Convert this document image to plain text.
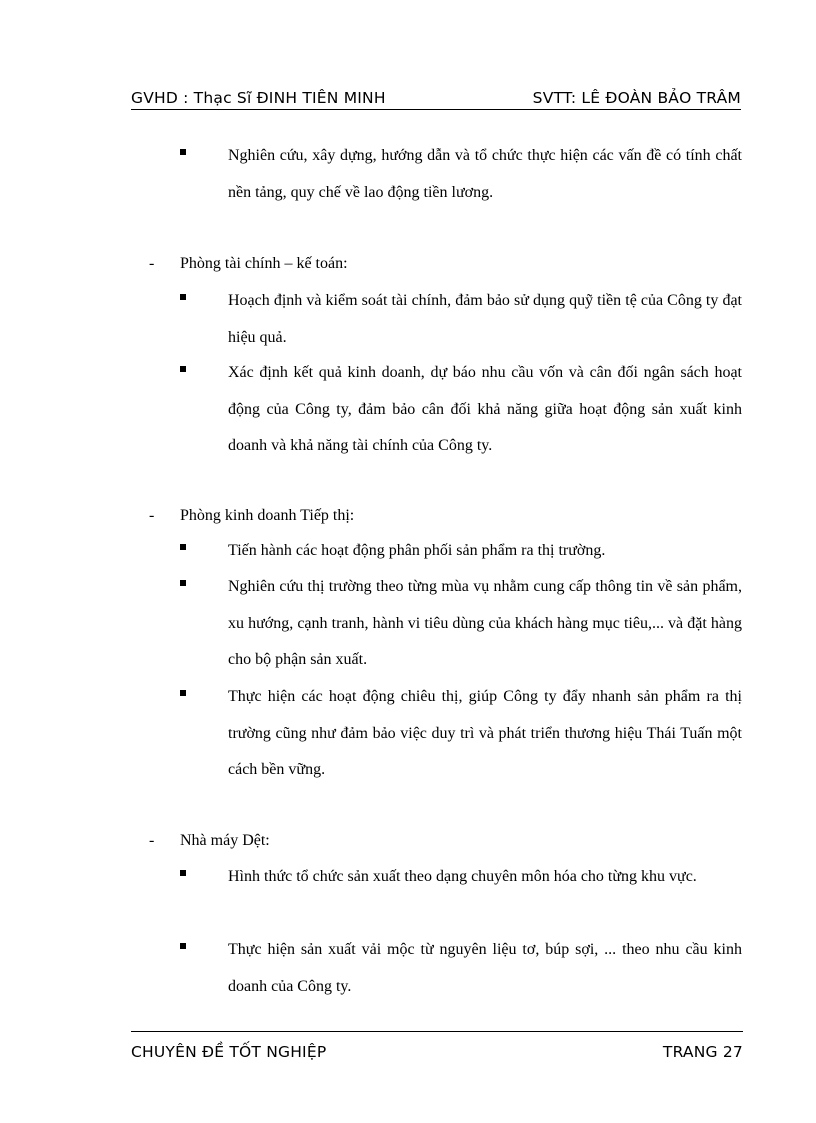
GVHD : Thạc Sĩ ĐINH TIÊN MINH	SVTT: LÊ ĐOÀN BẢO TRÂM
Nghiên cứu, xây dựng, hướng dẫn và tổ chức thực hiện các vấn đề có tính chất nền tảng, quy chế về lao động tiền lương.
- Phòng tài chính – kế toán:
Hoạch định và kiểm soát tài chính, đảm bảo sử dụng quỹ tiền tệ của Công ty đạt hiệu quả.
Xác định kết quả kinh doanh, dự báo nhu cầu vốn và cân đối ngân sách hoạt động của Công ty, đảm bảo cân đối khả năng giữa hoạt động sản xuất kinh doanh và khả năng tài chính của Công ty.
- Phòng kinh doanh Tiếp thị:
Tiến hành các hoạt động phân phối sản phẩm ra thị trường.
Nghiên cứu thị trường theo từng mùa vụ nhằm cung cấp thông tin về sản phẩm, xu hướng, cạnh tranh, hành vi tiêu dùng của khách hàng mục tiêu,... và đặt hàng cho bộ phận sản xuất.
Thực hiện các hoạt động chiêu thị, giúp Công ty đẩy nhanh sản phẩm ra thị trường cũng như đảm bảo việc duy trì và phát triển thương hiệu Thái Tuấn một cách bền vững.
- Nhà máy Dệt:
Hình thức tổ chức sản xuất theo dạng chuyên môn hóa cho từng khu vực.
Thực hiện sản xuất vải mộc từ nguyên liệu tơ, búp sợi, ... theo nhu cầu kinh doanh của Công ty.
CHUYÊN ĐỀ TỐT NGHIỆP	TRANG 27
